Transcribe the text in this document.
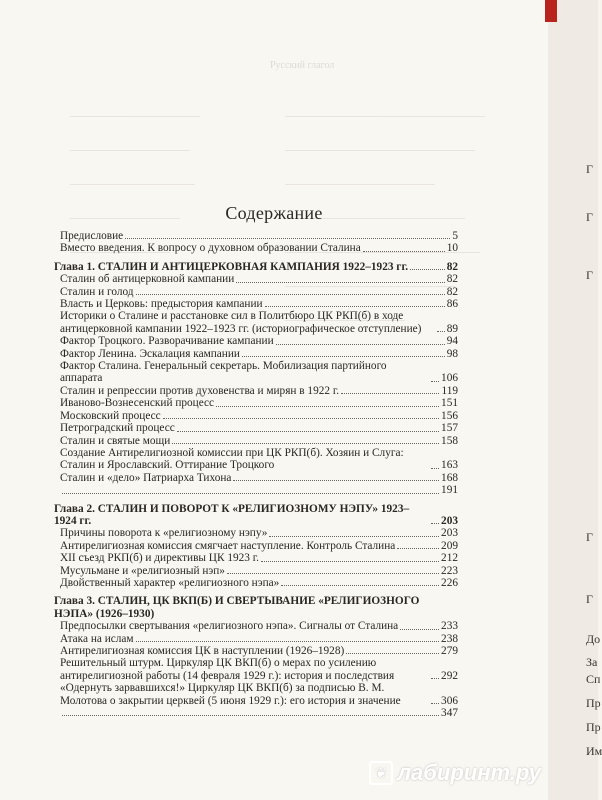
Русский глагол

Г
Г
Г
Г
Г
До
За
Сп
Пр
Пр
Им
Содержание
Предисловие	5
Вместо введения. К вопросу о духовном образовании Сталина	10
Глава 1. СТАЛИН И АНТИЦЕРКОВНАЯ КАМПАНИЯ 1922–1923 гг.	82
Сталин об антицерковной кампании	82
Сталин и голод	82
Власть и Церковь: предыстория кампании	86
Историки о Сталине и расстановке сил в Политбюро ЦК РКП(б) в ходе антицерковной кампании 1922–1923 гг. (историографическое отступление)	89
Фактор Троцкого. Разворачивание кампании	94
Фактор Ленина. Эскалация кампании	98
Фактор Сталина. Генеральный секретарь. Мобилизация партийного аппарата	106
Сталин и репрессии против духовенства и мирян в 1922 г.	119
Иваново-Вознесенский процесс	151
Московский процесс	156
Петроградский процесс	157
Сталин и святые мощи	158
Создание Антирелигиозной комиссии при ЦК РКП(б). Хозяин и Слуга: Сталин и Ярославский. Оттирание Троцкого	163
Сталин и «дело» Патриарха Тихона	168
191
Глава 2. СТАЛИН И ПОВОРОТ К «РЕЛИГИОЗНОМУ НЭПУ» 1923–1924 гг.	203
Причины поворота к «религиозному нэпу»	203
Антирелигиозная комиссия смягчает наступление. Контроль Сталина	209
XII съезд РКП(б) и директивы ЦК 1923 г.	212
Мусульмане и «религиозный нэп»	223
Двойственный характер «религиозного нэпа»	226
Глава 3. СТАЛИН, ЦК ВКП(Б) И СВЕРТЫВАНИЕ «РЕЛИГИОЗНОГО НЭПА» (1926–1930)
Предпосылки свертывания «религиозного нэпа». Сигналы от Сталина	233
Атака на ислам	238
Антирелигиозная комиссия ЦК в наступлении (1926–1928)	279
Решительный штурм. Циркуляр ЦК ВКП(б) о мерах по усилению антирелигиозной работы (14 февраля 1929 г.): история и последствия	292
«Одернуть зарвавшихся!» Циркуляр ЦК ВКП(б) за подписью В. М. Молотова о закрытии церквей (5 июня 1929 г.): его история и значение	306
347
❦ лабиринт.ру
